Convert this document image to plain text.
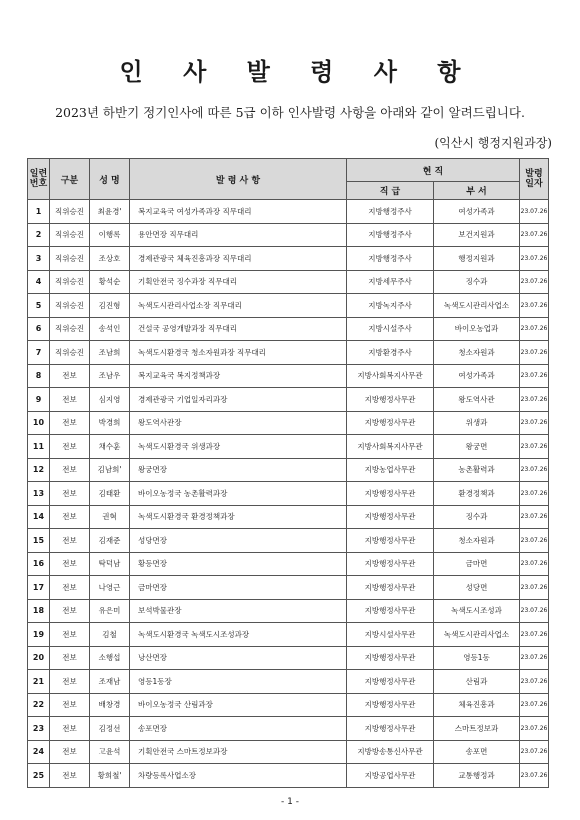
인 사 발 령 사 항
2023년 하반기 정기인사에 따른 5급 이하 인사발령 사항을 아래와 같이 알려드립니다.
(익산시 행정지원과장)
일련 번호	구분	성 명	발 령 사 항	현 직		발령 일자
				직 급	부 서	
1	직위승진	최윤경'	복지교육국 여성가족과장 직무대리	지방행정주사	여성가족과	23.07.26
2	직위승진	이행록	용안면장 직무대리	지방행정주사	보건지원과	23.07.26
3	직위승진	조상호	경제관광국 체육진흥과장 직무대리	지방행정주사	행정지원과	23.07.26
4	직위승진	황석순	기획안전국 징수과장 직무대리	지방세무주사	징수과	23.07.26
5	직위승진	김진형	녹색도시관리사업소장 직무대리	지방녹지주사	녹색도시관리사업소	23.07.26
6	직위승진	송석인	건설국 공영개발과장 직무대리	지방시설주사	바이오농업과	23.07.26
7	직위승진	조남희	녹색도시환경국 청소자원과장 직무대리	지방환경주사	청소자원과	23.07.26
8	전보	조남우	복지교육국 복지정책과장	지방사회복지사무관	여성가족과	23.07.26
9	전보	심지영	경제관광국 기업일자리과장	지방행정사무관	왕도역사관	23.07.26
10	전보	박경희	왕도역사관장	지방행정사무관	위생과	23.07.26
11	전보	채수훈	녹색도시환경국 위생과장	지방사회복지사무관	왕궁면	23.07.26
12	전보	김남희'	왕궁면장	지방농업사무관	농촌활력과	23.07.26
13	전보	김태환	바이오농정국 농촌활력과장	지방행정사무관	환경정책과	23.07.26
14	전보	권혁	녹색도시환경국 환경정책과장	지방행정사무관	징수과	23.07.26
15	전보	김재준	성당면장	지방행정사무관	청소자원과	23.07.26
16	전보	탁덕남	황등면장	지방행정사무관	금마면	23.07.26
17	전보	나영근	금마면장	지방행정사무관	성당면	23.07.26
18	전보	유은미	보석박물관장	지방행정사무관	녹색도시조성과	23.07.26
19	전보	김철	녹색도시환경국 녹색도시조성과장	지방시설사무관	녹색도시관리사업소	23.07.26
20	전보	소행섭	낭산면장	지방행정사무관	영등1동	23.07.26
21	전보	조재남	영등1동장	지방행정사무관	산림과	23.07.26
22	전보	배창경	바이오농정국 산림과장	지방행정사무관	체육진흥과	23.07.26
23	전보	김정선	송포면장	지방행정사무관	스마트정보과	23.07.26
24	전보	고윤석	기획안전국 스마트정보과장	지방방송통신사무관	송포면	23.07.26
25	전보	황희철'	차량등록사업소장	지방공업사무관	교통행정과	23.07.26
- 1 -
